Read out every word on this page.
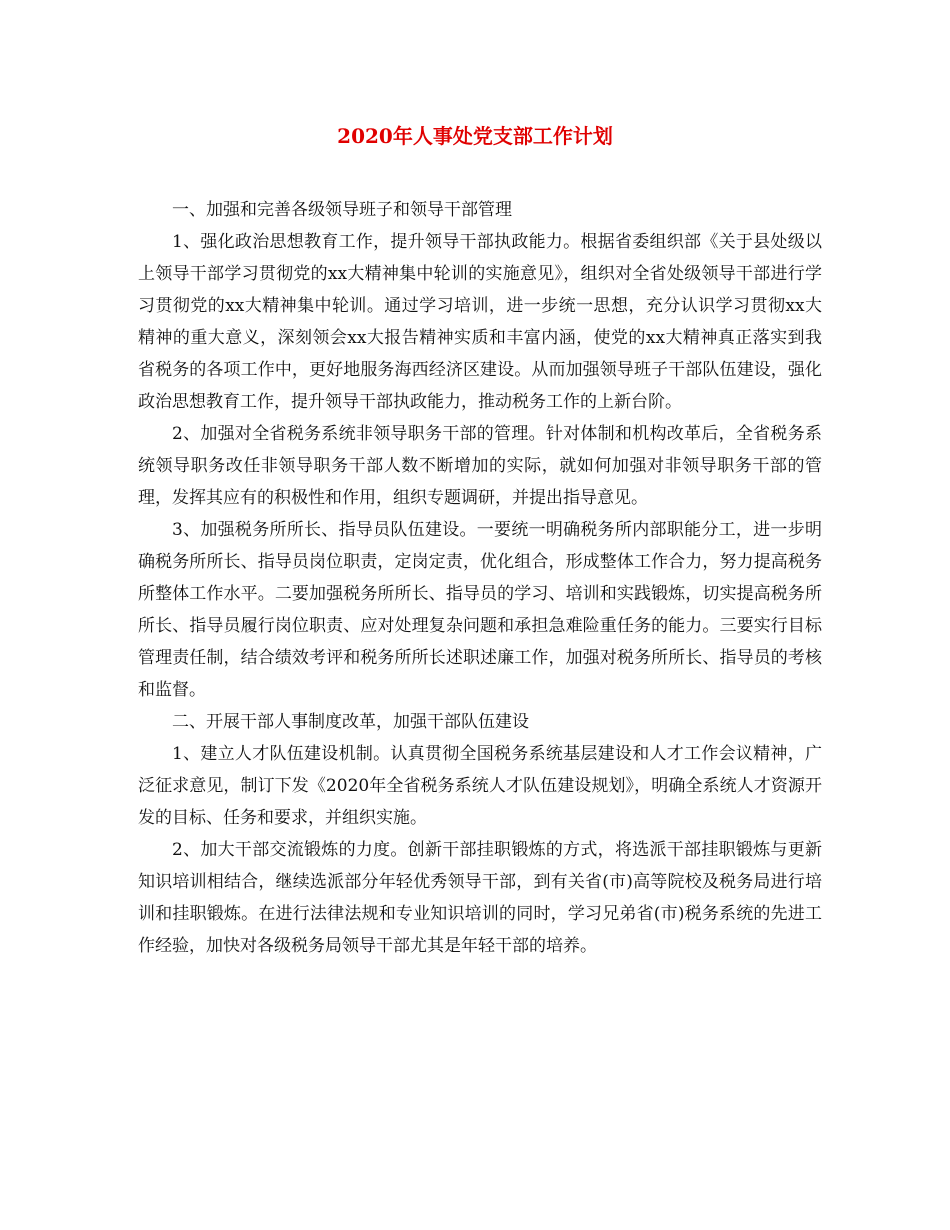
2020年人事处党支部工作计划

一、加强和完善各级领导班子和领导干部管理

1、强化政治思想教育工作，提升领导干部执政能力。根据省委组织部《关于县处级以上领导干部学习贯彻党的xx大精神集中轮训的实施意见》，组织对全省处级领导干部进行学习贯彻党的xx大精神集中轮训。通过学习培训，进一步统一思想，充分认识学习贯彻xx大精神的重大意义，深刻领会xx大报告精神实质和丰富内涵，使党的xx大精神真正落实到我省税务的各项工作中，更好地服务海西经济区建设。从而加强领导班子干部队伍建设，强化政治思想教育工作，提升领导干部执政能力，推动税务工作的上新台阶。

2、加强对全省税务系统非领导职务干部的管理。针对体制和机构改革后，全省税务系统领导职务改任非领导职务干部人数不断增加的实际，就如何加强对非领导职务干部的管理，发挥其应有的积极性和作用，组织专题调研，并提出指导意见。

3、加强税务所所长、指导员队伍建设。一要统一明确税务所内部职能分工，进一步明确税务所所长、指导员岗位职责，定岗定责，优化组合，形成整体工作合力，努力提高税务所整体工作水平。二要加强税务所所长、指导员的学习、培训和实践锻炼，切实提高税务所所长、指导员履行岗位职责、应对处理复杂问题和承担急难险重任务的能力。三要实行目标管理责任制，结合绩效考评和税务所所长述职述廉工作，加强对税务所所长、指导员的考核和监督。

二、开展干部人事制度改革，加强干部队伍建设

1、建立人才队伍建设机制。认真贯彻全国税务系统基层建设和人才工作会议精神，广泛征求意见，制订下发《2020年全省税务系统人才队伍建设规划》，明确全系统人才资源开发的目标、任务和要求，并组织实施。

2、加大干部交流锻炼的力度。创新干部挂职锻炼的方式，将选派干部挂职锻炼与更新知识培训相结合，继续选派部分年轻优秀领导干部，到有关省(市)高等院校及税务局进行培训和挂职锻炼。在进行法律法规和专业知识培训的同时，学习兄弟省(市)税务系统的先进工作经验，加快对各级税务局领导干部尤其是年轻干部的培养。
